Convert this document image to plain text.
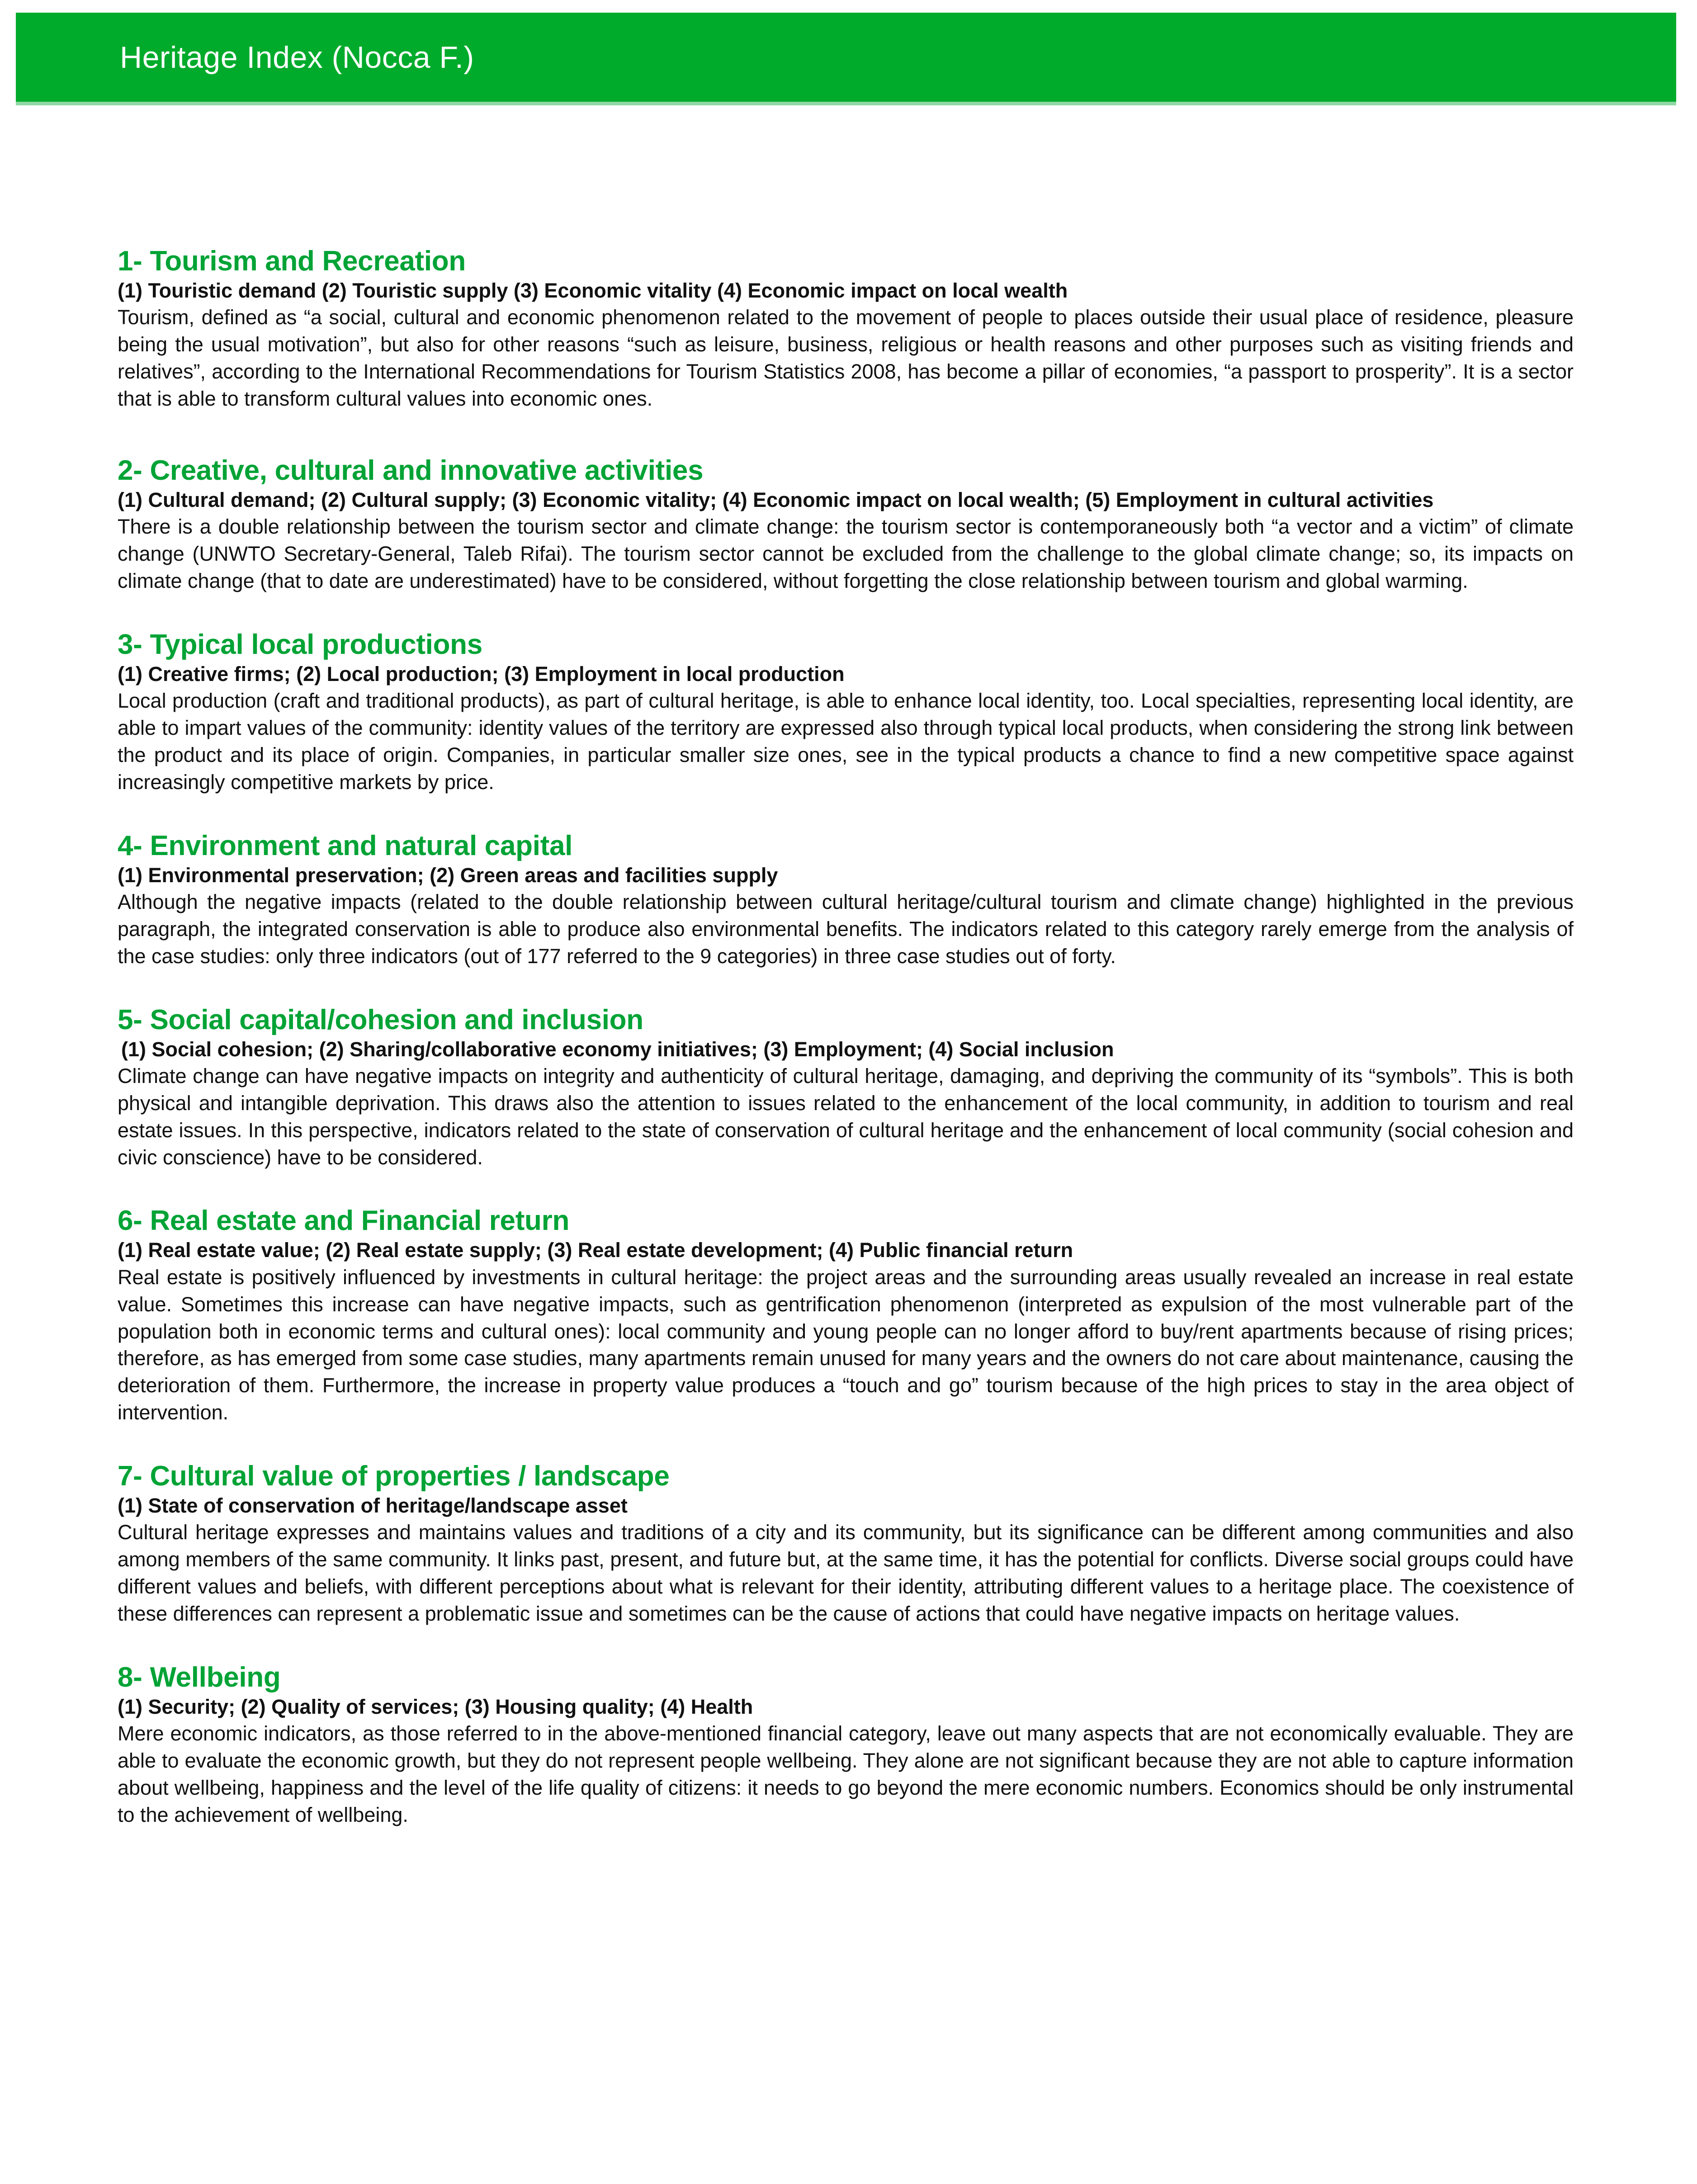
Heritage Index (Nocca F.)
1- Tourism and Recreation
(1) Touristic demand (2) Touristic supply (3) Economic vitality (4) Economic impact on local wealth
Tourism, defined as “a social, cultural and economic phenomenon related to the movement of people to places outside their usual place of residence, pleasure being the usual motivation”, but also for other reasons “such as leisure, business, religious or health reasons and other purposes such as visiting friends and relatives”, according to the International Recommendations for Tourism Statistics 2008, has become a pillar of economies, “a passport to prosperity”. It is a sector that is able to transform cultural values into economic ones.
2- Creative, cultural and innovative activities
(1) Cultural demand; (2) Cultural supply; (3) Economic vitality; (4) Economic impact on local wealth; (5) Employment in cultural activities
There is a double relationship between the tourism sector and climate change: the tourism sector is contemporaneously both “a vector and a victim” of climate change (UNWTO Secretary-General, Taleb Rifai). The tourism sector cannot be excluded from the challenge to the global climate change; so, its impacts on climate change (that to date are underestimated) have to be considered, without forgetting the close relationship between tourism and global warming.
3- Typical local productions
(1) Creative firms; (2) Local production; (3) Employment in local production
Local production (craft and traditional products), as part of cultural heritage, is able to enhance local identity, too. Local specialties, representing local identity, are able to impart values of the community: identity values of the territory are expressed also through typical local products, when considering the strong link between the product and its place of origin. Companies, in particular smaller size ones, see in the typical products a chance to find a new competitive space against increasingly competitive markets by price.
4- Environment and natural capital
(1) Environmental preservation; (2) Green areas and facilities supply
Although the negative impacts (related to the double relationship between cultural heritage/cultural tourism and climate change) highlighted in the previous paragraph, the integrated conservation is able to produce also environmental benefits. The indicators related to this category rarely emerge from the analysis of the case studies: only three indicators (out of 177 referred to the 9 categories) in three case studies out of forty.
5- Social capital/cohesion and inclusion
(1) Social cohesion; (2) Sharing/collaborative economy initiatives; (3) Employment; (4) Social inclusion
Climate change can have negative impacts on integrity and authenticity of cultural heritage, damaging, and depriving the community of its “symbols”. This is both physical and intangible deprivation. This draws also the attention to issues related to the enhancement of the local community, in addition to tourism and real estate issues. In this perspective, indicators related to the state of conservation of cultural heritage and the enhancement of local community (social cohesion and civic conscience) have to be considered.
6- Real estate and Financial return
(1) Real estate value; (2) Real estate supply; (3) Real estate development; (4) Public financial return
Real estate is positively influenced by investments in cultural heritage: the project areas and the surrounding areas usually revealed an increase in real estate value. Sometimes this increase can have negative impacts, such as gentrification phenomenon (interpreted as expulsion of the most vulnerable part of the population both in economic terms and cultural ones): local community and young people can no longer afford to buy/rent apartments because of rising prices; therefore, as has emerged from some case studies, many apartments remain unused for many years and the owners do not care about maintenance, causing the deterioration of them. Furthermore, the increase in property value produces a “touch and go” tourism because of the high prices to stay in the area object of intervention.
7- Cultural value of properties / landscape
(1) State of conservation of heritage/landscape asset
Cultural heritage expresses and maintains values and traditions of a city and its community, but its significance can be different among communities and also among members of the same community. It links past, present, and future but, at the same time, it has the potential for conflicts. Diverse social groups could have different values and beliefs, with different perceptions about what is relevant for their identity, attributing different values to a heritage place. The coexistence of these differences can represent a problematic issue and sometimes can be the cause of actions that could have negative impacts on heritage values.
8- Wellbeing
(1) Security; (2) Quality of services; (3) Housing quality; (4) Health
Mere economic indicators, as those referred to in the above-mentioned financial category, leave out many aspects that are not economically evaluable. They are able to evaluate the economic growth, but they do not represent people wellbeing. They alone are not significant because they are not able to capture information about wellbeing, happiness and the level of the life quality of citizens: it needs to go beyond the mere economic numbers. Economics should be only instrumental to the achievement of wellbeing.
